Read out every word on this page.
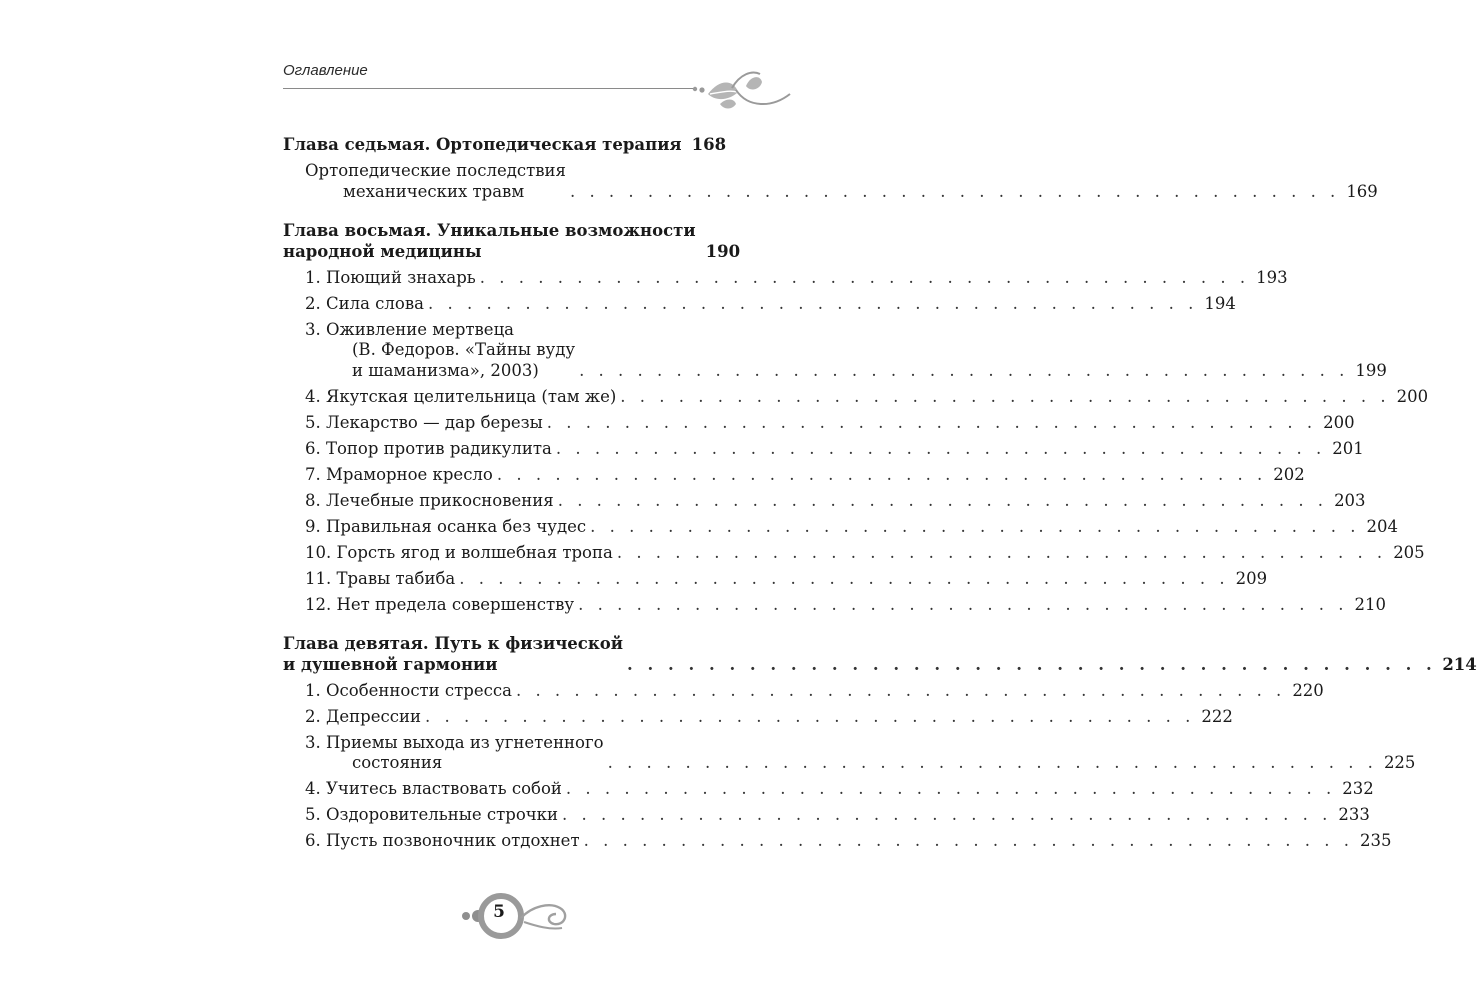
Оглавление
Глава седьмая. Ортопедическая терапия 168
Ортопедические последствия
механических травм	. . . . . . . . . . . . . . . . . . . . . . . . . . . . . . . . . . . . . . . . 169
Глава восьмая. Уникальные возможности
народной медицины	190
1. Поющий знахарь . . . . . . . . . . . . . . . . . . . . . . . . . . . . . . . . . . . . . . . . 193
2. Сила слова . . . . . . . . . . . . . . . . . . . . . . . . . . . . . . . . . . . . . . . . 194
3. Оживление мертвеца
(В. Федоров. «Тайны вуду
и шаманизма», 2003)	. . . . . . . . . . . . . . . . . . . . . . . . . . . . . . . . . . . . . . . . 199
4. Якутская целительница (там же) . . . . . . . . . . . . . . . . . . . . . . . . . . . . . . . . . . . . . . . . 200
5. Лекарство — дар березы . . . . . . . . . . . . . . . . . . . . . . . . . . . . . . . . . . . . . . . . 200
6. Топор против радикулита . . . . . . . . . . . . . . . . . . . . . . . . . . . . . . . . . . . . . . . . 201
7. Мраморное кресло . . . . . . . . . . . . . . . . . . . . . . . . . . . . . . . . . . . . . . . . 202
8. Лечебные прикосновения . . . . . . . . . . . . . . . . . . . . . . . . . . . . . . . . . . . . . . . . 203
9. Правильная осанка без чудес . . . . . . . . . . . . . . . . . . . . . . . . . . . . . . . . . . . . . . . . 204
10. Горсть ягод и волшебная тропа . . . . . . . . . . . . . . . . . . . . . . . . . . . . . . . . . . . . . . . . 205
11. Травы табиба . . . . . . . . . . . . . . . . . . . . . . . . . . . . . . . . . . . . . . . . 209
12. Нет предела совершенству . . . . . . . . . . . . . . . . . . . . . . . . . . . . . . . . . . . . . . . . 210
Глава девятая. Путь к физической
и душевной гармонии	. . . . . . . . . . . . . . . . . . . . . . . . . . . . . . . . . . . . . . . . 214
1. Особенности стресса . . . . . . . . . . . . . . . . . . . . . . . . . . . . . . . . . . . . . . . . 220
2. Депрессии . . . . . . . . . . . . . . . . . . . . . . . . . . . . . . . . . . . . . . . . 222
3. Приемы выхода из угнетенного
состояния	. . . . . . . . . . . . . . . . . . . . . . . . . . . . . . . . . . . . . . . . 225
4. Учитесь властвовать собой . . . . . . . . . . . . . . . . . . . . . . . . . . . . . . . . . . . . . . . . 232
5. Оздоровительные строчки . . . . . . . . . . . . . . . . . . . . . . . . . . . . . . . . . . . . . . . . 233
6. Пусть позвоночник отдохнет . . . . . . . . . . . . . . . . . . . . . . . . . . . . . . . . . . . . . . . . 235
5
